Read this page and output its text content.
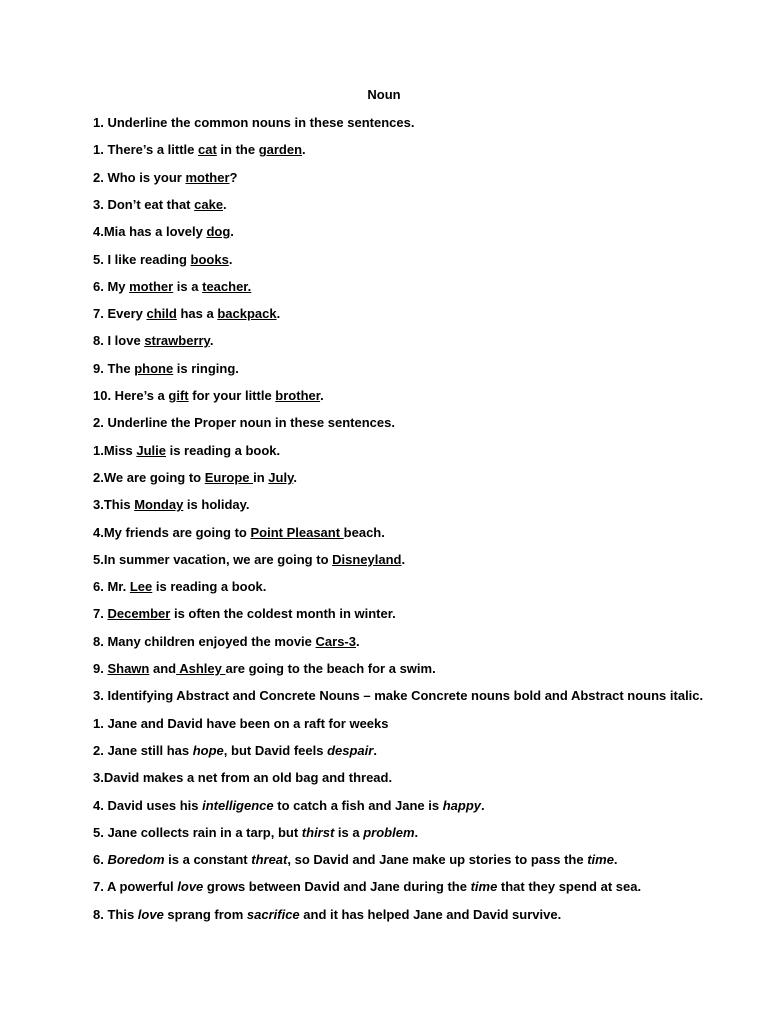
Noun
1. Underline the common nouns in these sentences.
1. There’s a little cat in the garden.
2. Who is your mother?
3. Don’t eat that cake.
4.Mia has a lovely dog.
5. I like reading books.
6. My mother is a teacher.
7. Every child has a backpack.
8. I love strawberry.
9. The phone is ringing.
10. Here’s a gift for your little brother.
2. Underline the Proper noun in these sentences.
1.Miss Julie is reading a book.
2.We are going to Europe in July.
3.This Monday is holiday.
4.My friends are going to Point Pleasant beach.
5.In summer vacation, we are going to Disneyland.
6. Mr. Lee is reading a book.
7. December is often the coldest month in winter.
8. Many children enjoyed the movie Cars-3.
9. Shawn and Ashley are going to the beach for a swim.
3. Identifying Abstract and Concrete Nouns – make Concrete nouns bold and Abstract nouns italic.
1. Jane and David have been on a raft for weeks
2. Jane still has hope, but David feels despair.
3.David makes a net from an old bag and thread.
4. David uses his intelligence to catch a fish and Jane is happy.
5. Jane collects rain in a tarp, but thirst is a problem.
6. Boredom is a constant threat, so David and Jane make up stories to pass the time.
7. A powerful love grows between David and Jane during the time that they spend at sea.
8. This love sprang from sacrifice and it has helped Jane and David survive.
